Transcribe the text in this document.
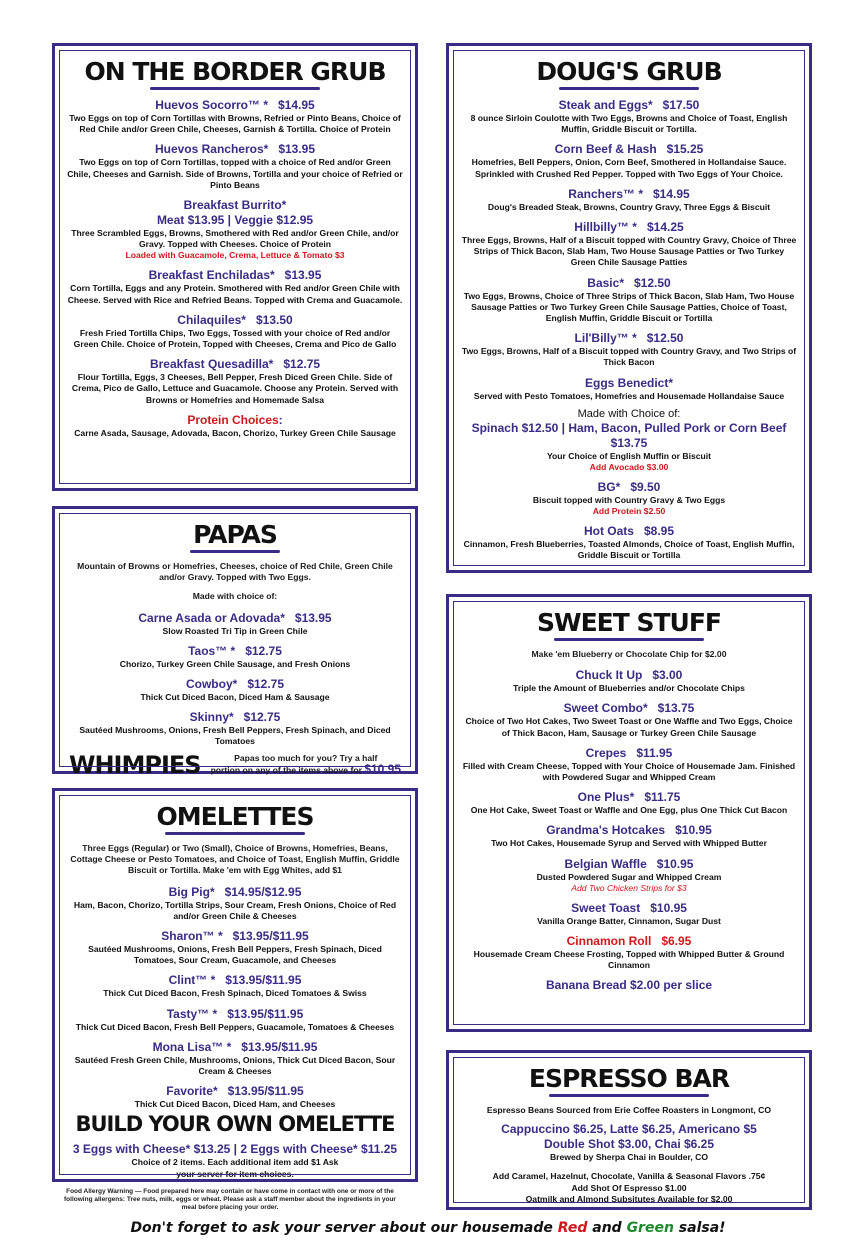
ON THE BORDER GRUB
Huevos Socorro™ * $14.95
Two Eggs on top of Corn Tortillas with Browns, Refried or Pinto Beans, Choice of Red Chile and/or Green Chile, Cheeses, Garnish & Tortilla. Choice of Protein
Huevos Rancheros* $13.95
Two Eggs on top of Corn Tortillas, topped with a choice of Red and/or Green Chile, Cheeses and Garnish. Side of Browns, Tortilla and your choice of Refried or Pinto Beans
Breakfast Burrito*
Meat $13.95 | Veggie $12.95
Three Scrambled Eggs, Browns, Smothered with Red and/or Green Chile, and/or Gravy. Topped with Cheeses. Choice of Protein
Loaded with Guacamole, Crema, Lettuce & Tomato $3
Breakfast Enchiladas* $13.95
Corn Tortilla, Eggs and any Protein. Smothered with Red and/or Green Chile with Cheese. Served with Rice and Refried Beans. Topped with Crema and Guacamole.
Chilaquiles* $13.50
Fresh Fried Tortilla Chips, Two Eggs, Tossed with your choice of Red and/or Green Chile. Choice of Protein, Topped with Cheeses, Crema and Pico de Gallo
Breakfast Quesadilla* $12.75
Flour Tortilla, Eggs, 3 Cheeses, Bell Pepper, Fresh Diced Green Chile. Side of Crema, Pico de Gallo, Lettuce and Guacamole. Choose any Protein. Served with Browns or Homefries and Homemade Salsa
Protein Choices:
Carne Asada, Sausage, Adovada, Bacon, Chorizo, Turkey Green Chile Sausage
PAPAS
Mountain of Browns or Homefries, Cheeses, choice of Red Chile, Green Chile and/or Gravy. Topped with Two Eggs.
Made with choice of:
Carne Asada or Adovada* $13.95
Slow Roasted Tri Tip in Green Chile
Taos™ * $12.75
Chorizo, Turkey Green Chile Sausage, and Fresh Onions
Cowboy* $12.75
Thick Cut Diced Bacon, Diced Ham & Sausage
Skinny* $12.75
Sautéed Mushrooms, Onions, Fresh Bell Peppers, Fresh Spinach, and Diced Tomatoes
WHIMPIES	Papas too much for you? Try a half
portion on any of the items above for $10.95
OMELETTES
Three Eggs (Regular) or Two (Small), Choice of Browns, Homefries, Beans, Cottage Cheese or Pesto Tomatoes, and Choice of Toast, English Muffin, Griddle Biscuit or Tortilla. Make 'em with Egg Whites, add $1
Big Pig* $14.95/$12.95
Ham, Bacon, Chorizo, Tortilla Strips, Sour Cream, Fresh Onions, Choice of Red and/or Green Chile & Cheeses
Sharon™ * $13.95/$11.95
Sautéed Mushrooms, Onions, Fresh Bell Peppers, Fresh Spinach, Diced Tomatoes, Sour Cream, Guacamole, and Cheeses
Clint™ * $13.95/$11.95
Thick Cut Diced Bacon, Fresh Spinach, Diced Tomatoes & Swiss
Tasty™ * $13.95/$11.95
Thick Cut Diced Bacon, Fresh Bell Peppers, Guacamole, Tomatoes & Cheeses
Mona Lisa™ * $13.95/$11.95
Sautéed Fresh Green Chile, Mushrooms, Onions, Thick Cut Diced Bacon, Sour Cream & Cheeses
Favorite* $13.95/$11.95
Thick Cut Diced Bacon, Diced Ham, and Cheeses
BUILD YOUR OWN OMELETTE
3 Eggs with Cheese* $13.25 | 2 Eggs with Cheese* $11.25
Choice of 2 items. Each additional item add $1 Ask your server for item choices.
DOUG'S GRUB
Steak and Eggs* $17.50
8 ounce Sirloin Coulotte with Two Eggs, Browns and Choice of Toast, English Muffin, Griddle Biscuit or Tortilla.
Corn Beef & Hash $15.25
Homefries, Bell Peppers, Onion, Corn Beef, Smothered in Hollandaise Sauce. Sprinkled with Crushed Red Pepper. Topped with Two Eggs of Your Choice.
Ranchers™ * $14.95
Doug's Breaded Steak, Browns, Country Gravy, Three Eggs & Biscuit
Hillbilly™ * $14.25
Three Eggs, Browns, Half of a Biscuit topped with Country Gravy, Choice of Three Strips of Thick Bacon, Slab Ham, Two House Sausage Patties or Two Turkey Green Chile Sausage Patties
Basic* $12.50
Two Eggs, Browns, Choice of Three Strips of Thick Bacon, Slab Ham, Two House Sausage Patties or Two Turkey Green Chile Sausage Patties, Choice of Toast, English Muffin, Griddle Biscuit or Tortilla
Lil'Billy™ * $12.50
Two Eggs, Browns, Half of a Biscuit topped with Country Gravy, and Two Strips of Thick Bacon
Eggs Benedict*
Served with Pesto Tomatoes, Homefries and Housemade Hollandaise Sauce
Made with Choice of:
Spinach $12.50 | Ham, Bacon, Pulled Pork or Corn Beef $13.75
Your Choice of English Muffin or Biscuit
Add Avocado $3.00
BG* $9.50
Biscuit topped with Country Gravy & Two Eggs
Add Protein $2.50
Hot Oats $8.95
Cinnamon, Fresh Blueberries, Toasted Almonds, Choice of Toast, English Muffin, Griddle Biscuit or Tortilla
SWEET STUFF
Make 'em Blueberry or Chocolate Chip for $2.00
Chuck It Up $3.00
Triple the Amount of Blueberries and/or Chocolate Chips
Sweet Combo* $13.75
Choice of Two Hot Cakes, Two Sweet Toast or One Waffle and Two Eggs, Choice of Thick Bacon, Ham, Sausage or Turkey Green Chile Sausage
Crepes $11.95
Filled with Cream Cheese, Topped with Your Choice of Housemade Jam. Finished with Powdered Sugar and Whipped Cream
One Plus* $11.75
One Hot Cake, Sweet Toast or Waffle and One Egg, plus One Thick Cut Bacon
Grandma's Hotcakes $10.95
Two Hot Cakes, Housemade Syrup and Served with Whipped Butter
Belgian Waffle $10.95
Dusted Powdered Sugar and Whipped Cream
Add Two Chicken Strips for $3
Sweet Toast $10.95
Vanilla Orange Batter, Cinnamon, Sugar Dust
Cinnamon Roll $6.95
Housemade Cream Cheese Frosting, Topped with Whipped Butter & Ground Cinnamon
Banana Bread $2.00 per slice
ESPRESSO BAR
Espresso Beans Sourced from Erie Coffee Roasters in Longmont, CO
Cappuccino $6.25, Latte $6.25, Americano $5
Double Shot $3.00, Chai $6.25
Brewed by Sherpa Chai in Boulder, CO
Add Caramel, Hazelnut, Chocolate, Vanilla & Seasonal Flavors .75¢
Add Shot Of Espresso $1.00
Oatmilk and Almond Subsitutes Available for $2.00
Food Allergy Warning — Food prepared here may contain or have come in contact with one or more of the following allergens: Tree nuts, milk, eggs or wheat. Please ask a staff member about the ingredients in your meal before placing your order.
Don't forget to ask your server about our housemade Red and Green salsa!
